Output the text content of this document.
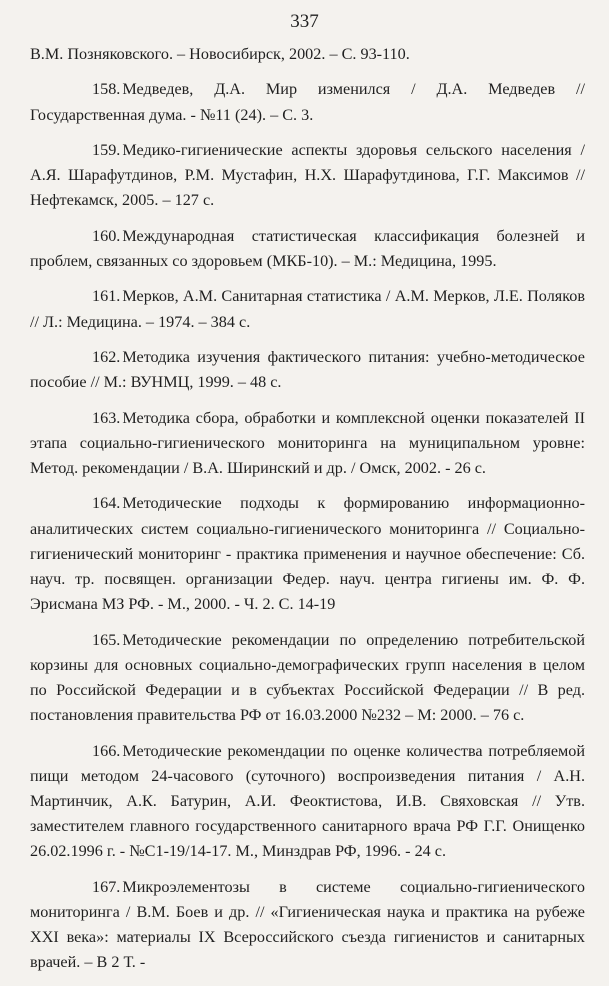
337

В.М. Позняковского. – Новосибирск, 2002. – С. 93-110.

158. Медведев, Д.А. Мир изменился / Д.А. Медведев // Государственная дума. - №11 (24). – С. 3.

159. Медико-гигиенические аспекты здоровья сельского населения / А.Я. Шарафутдинов, Р.М. Мустафин, Н.Х. Шарафутдинова, Г.Г. Максимов // Нефтекамск, 2005. – 127 с.

160. Международная статистическая классификация болезней и проблем, связанных со здоровьем (МКБ-10). – М.: Медицина, 1995.

161. Мерков, А.М. Санитарная статистика / А.М. Мерков, Л.Е. Поляков // Л.: Медицина. – 1974. – 384 с.

162. Методика изучения фактического питания: учебно-методическое пособие // М.: ВУНМЦ, 1999. – 48 с.

163. Методика сбора, обработки и комплексной оценки показателей II этапа социально-гигиенического мониторинга на муниципальном уровне: Метод. рекомендации / В.А. Ширинский и др. / Омск, 2002. - 26 с.

164. Методические подходы к формированию информационно-аналитических систем социально-гигиенического мониторинга // Социально-гигиенический мониторинг - практика применения и научное обеспечение: Сб. науч. тр. посвящен. организации Федер. науч. центра гигиены им. Ф. Ф. Эрисмана МЗ РФ. - М., 2000. - Ч. 2. С. 14-19

165. Методические рекомендации по определению потребительской корзины для основных социально-демографических групп населения в целом по Российской Федерации и в субъектах Российской Федерации // В ред. постановления правительства РФ от 16.03.2000 №232 – М: 2000. – 76 с.

166. Методические рекомендации по оценке количества потребляемой пищи методом 24-часового (суточного) воспроизведения питания / А.Н. Мартинчик, А.К. Батурин, А.И. Феоктистова, И.В. Свяховская // Утв. заместителем главного государственного санитарного врача РФ Г.Г. Онищенко 26.02.1996 г. - №С1-19/14-17. М., Минздрав РФ, 1996. - 24 с.

167. Микроэлементозы в системе социально-гигиенического мониторинга / В.М. Боев и др. // «Гигиеническая наука и практика на рубеже XXI века»: материалы IX Всероссийского съезда гигиенистов и санитарных врачей. – В 2 Т. -
